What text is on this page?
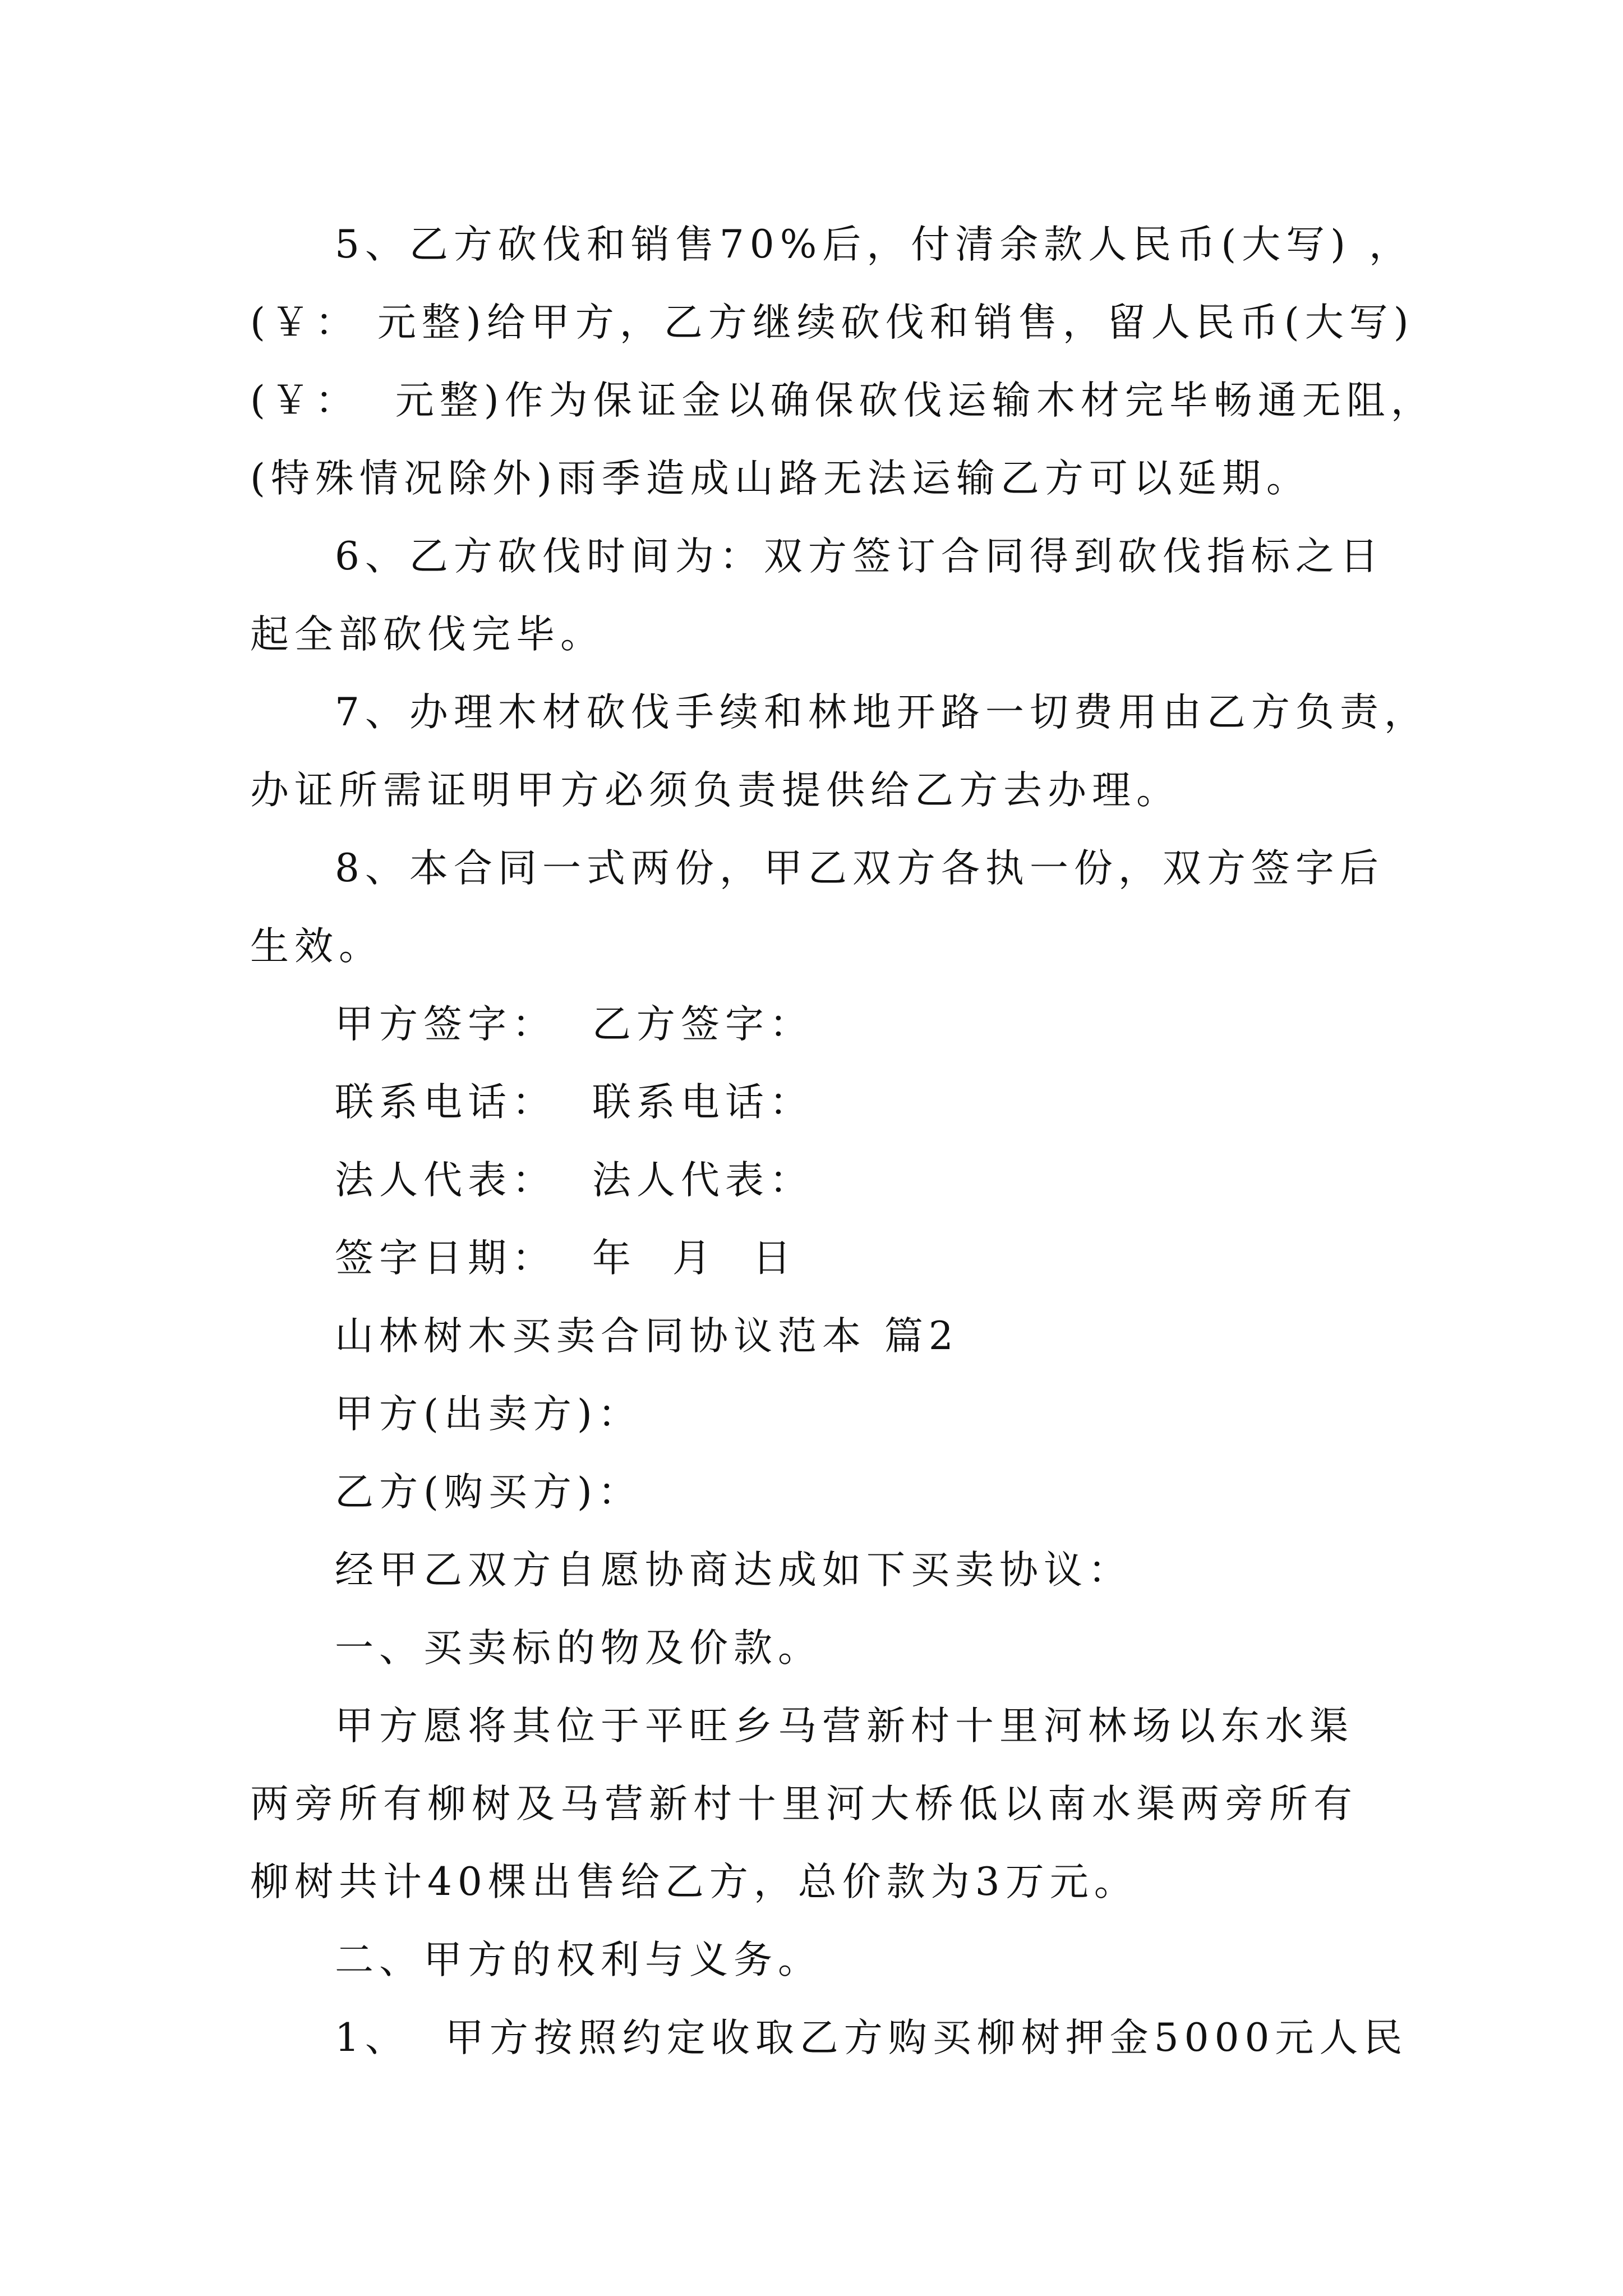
5、乙方砍伐和销售70%后，付清余款人民币(大写) ，
(￥： 元整)给甲方，乙方继续砍伐和销售，留人民币(大写)
(￥：  元整)作为保证金以确保砍伐运输木材完毕畅通无阻，
(特殊情况除外)雨季造成山路无法运输乙方可以延期。
6、乙方砍伐时间为：双方签订合同得到砍伐指标之日
起全部砍伐完毕。
7、办理木材砍伐手续和林地开路一切费用由乙方负责，
办证所需证明甲方必须负责提供给乙方去办理。
8、本合同一式两份，甲乙双方各执一份，双方签字后
生效。
甲方签字：  乙方签字：
联系电话：  联系电话：
法人代表：  法人代表：
签字日期：  年  月  日
山林树木买卖合同协议范本 篇2
甲方(出卖方)：
乙方(购买方)：
经甲乙双方自愿协商达成如下买卖协议：
一、买卖标的物及价款。
甲方愿将其位于平旺乡马营新村十里河林场以东水渠
两旁所有柳树及马营新村十里河大桥低以南水渠两旁所有
柳树共计40棵出售给乙方，总价款为3万元。
二、甲方的权利与义务。
1、  甲方按照约定收取乙方购买柳树押金5000元人民
